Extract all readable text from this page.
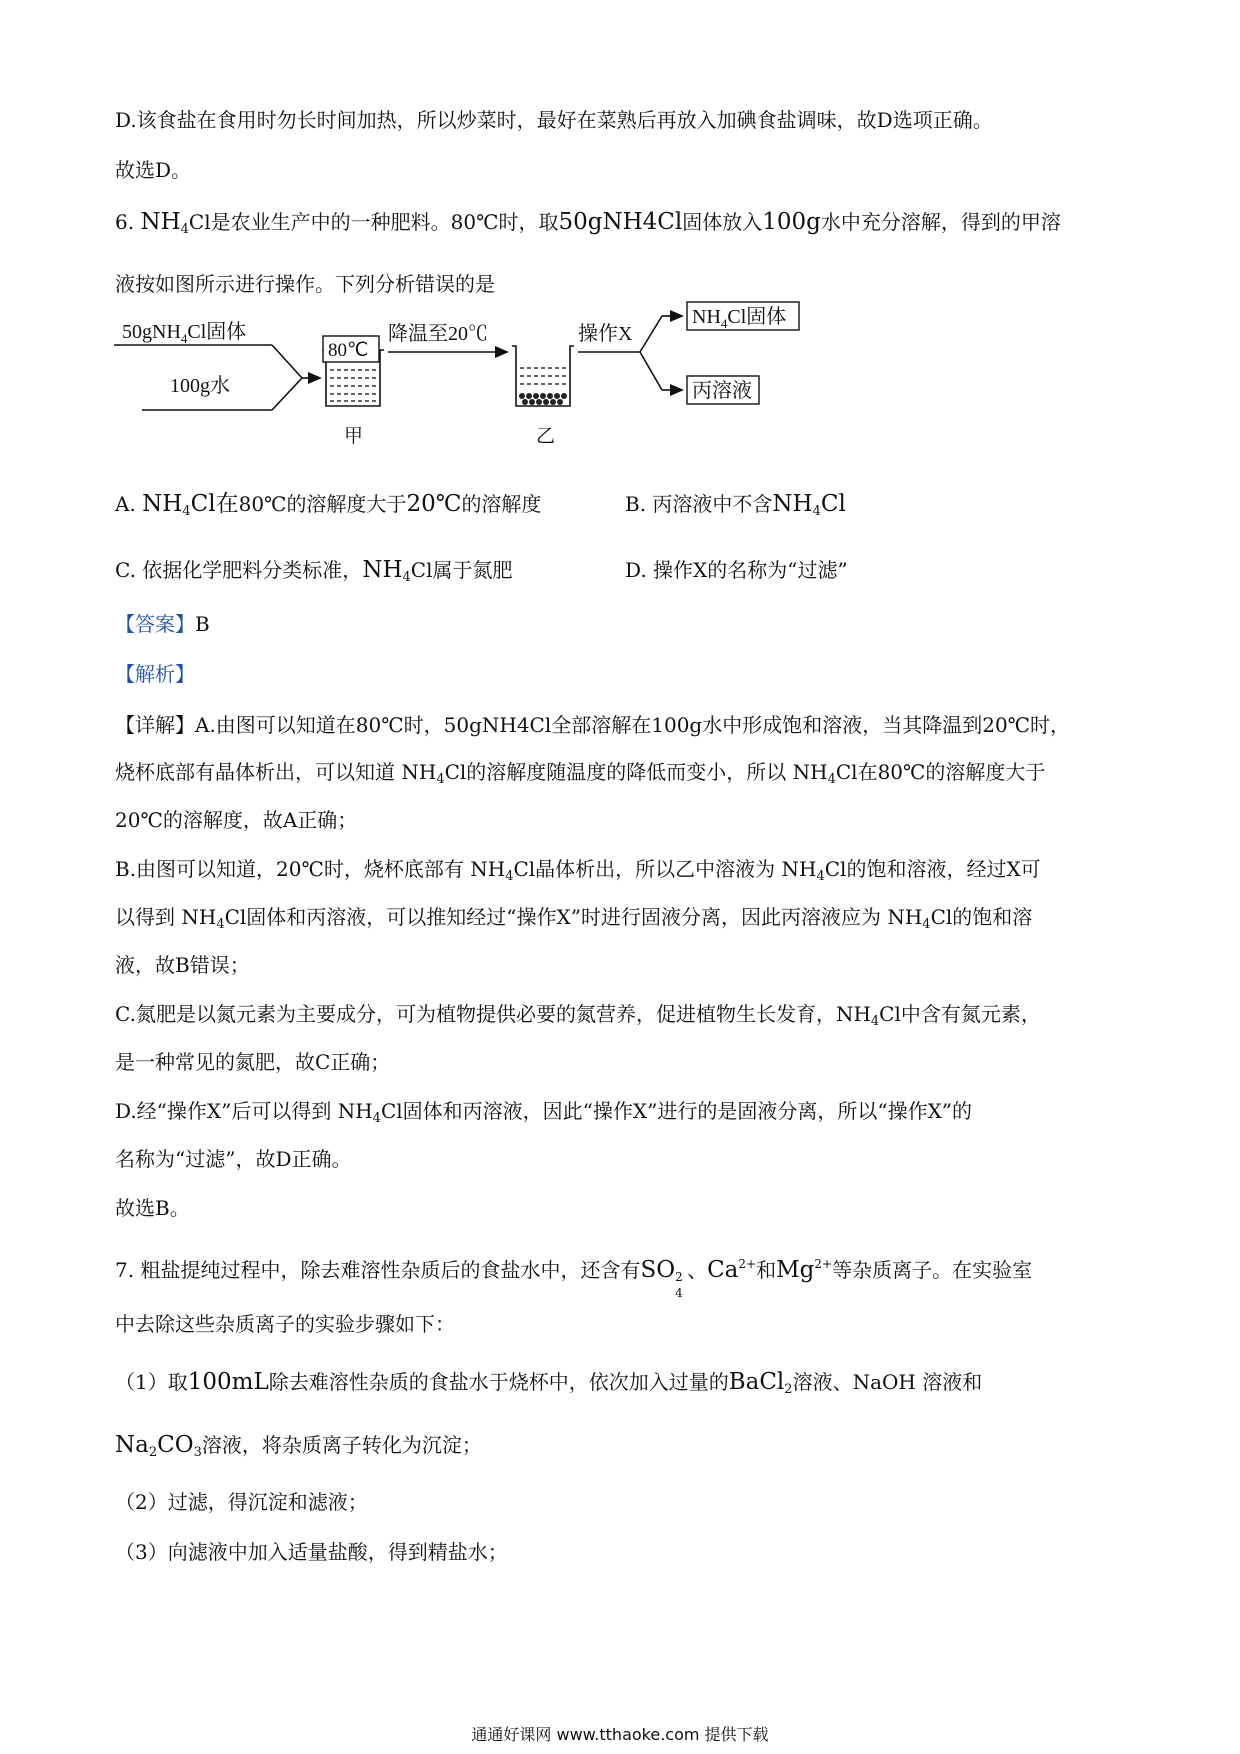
D.该食盐在食用时勿长时间加热，所以炒菜时，最好在菜熟后再放入加碘食盐调味，故D选项正确。
故选D。
6. $NH_4Cl$是农业生产中的一种肥料。80℃时，取50gNH4Cl固体放入100g水中充分溶解，得到的甲溶
液按如图所示进行操作。下列分析错误的是
50gNH$_4$Cl固体
100g水
80℃
甲
降温至20℃
乙
操作X
$NH_4Cl$固体
丙溶液
A. $NH_4Cl$在80℃的溶解度大于20℃的溶解度	B. 丙溶液中不含$NH_4Cl$
C. 依据化学肥料分类标准，$NH_4Cl$属于氮肥	D. 操作X的名称为“过滤”
【答案】B
【解析】
【详解】A.由图可以知道在80℃时，50gNH4Cl全部溶解在100g水中形成饱和溶液，当其降温到20℃时，
烧杯底部有晶体析出，可以知道 $NH_4Cl$的溶解度随温度的降低而变小，所以 $NH_4Cl$在80℃的溶解度大于
20℃的溶解度，故A正确；
B.由图可以知道，20℃时，烧杯底部有 $NH_4Cl$晶体析出，所以乙中溶液为 $NH_4Cl$的饱和溶液，经过X可
以得到 $NH_4Cl$固体和丙溶液，可以推知经过“操作X”时进行固液分离，因此丙溶液应为 $NH_4Cl$的饱和溶
液，故B错误；
C.氮肥是以氮元素为主要成分，可为植物提供必要的氮营养，促进植物生长发育，$NH_4Cl$中含有氮元素，
是一种常见的氮肥，故C正确；
D.经“操作X”后可以得到 $NH_4Cl$固体和丙溶液，因此“操作X”进行的是固液分离，所以“操作X”的
名称为“过滤”，故D正确。
故选B。
7. 粗盐提纯过程中，除去难溶性杂质后的食盐水中，还含有SO 2
4
、$Ca^{2+}$和$Mg^{2+}$等杂质离子。在实验室
中去除这些杂质离子的实验步骤如下：
（1）取100mL除去难溶性杂质的食盐水于烧杯中，依次加入过量的BaCl$_2$溶液、NaOH 溶液和
$Na_2CO_3$溶液，将杂质离子转化为沉淀；
（2）过滤，得沉淀和滤液；
（3）向滤液中加入适量盐酸，得到精盐水；
通通好课网 www.tthaoke.com 提供下载
